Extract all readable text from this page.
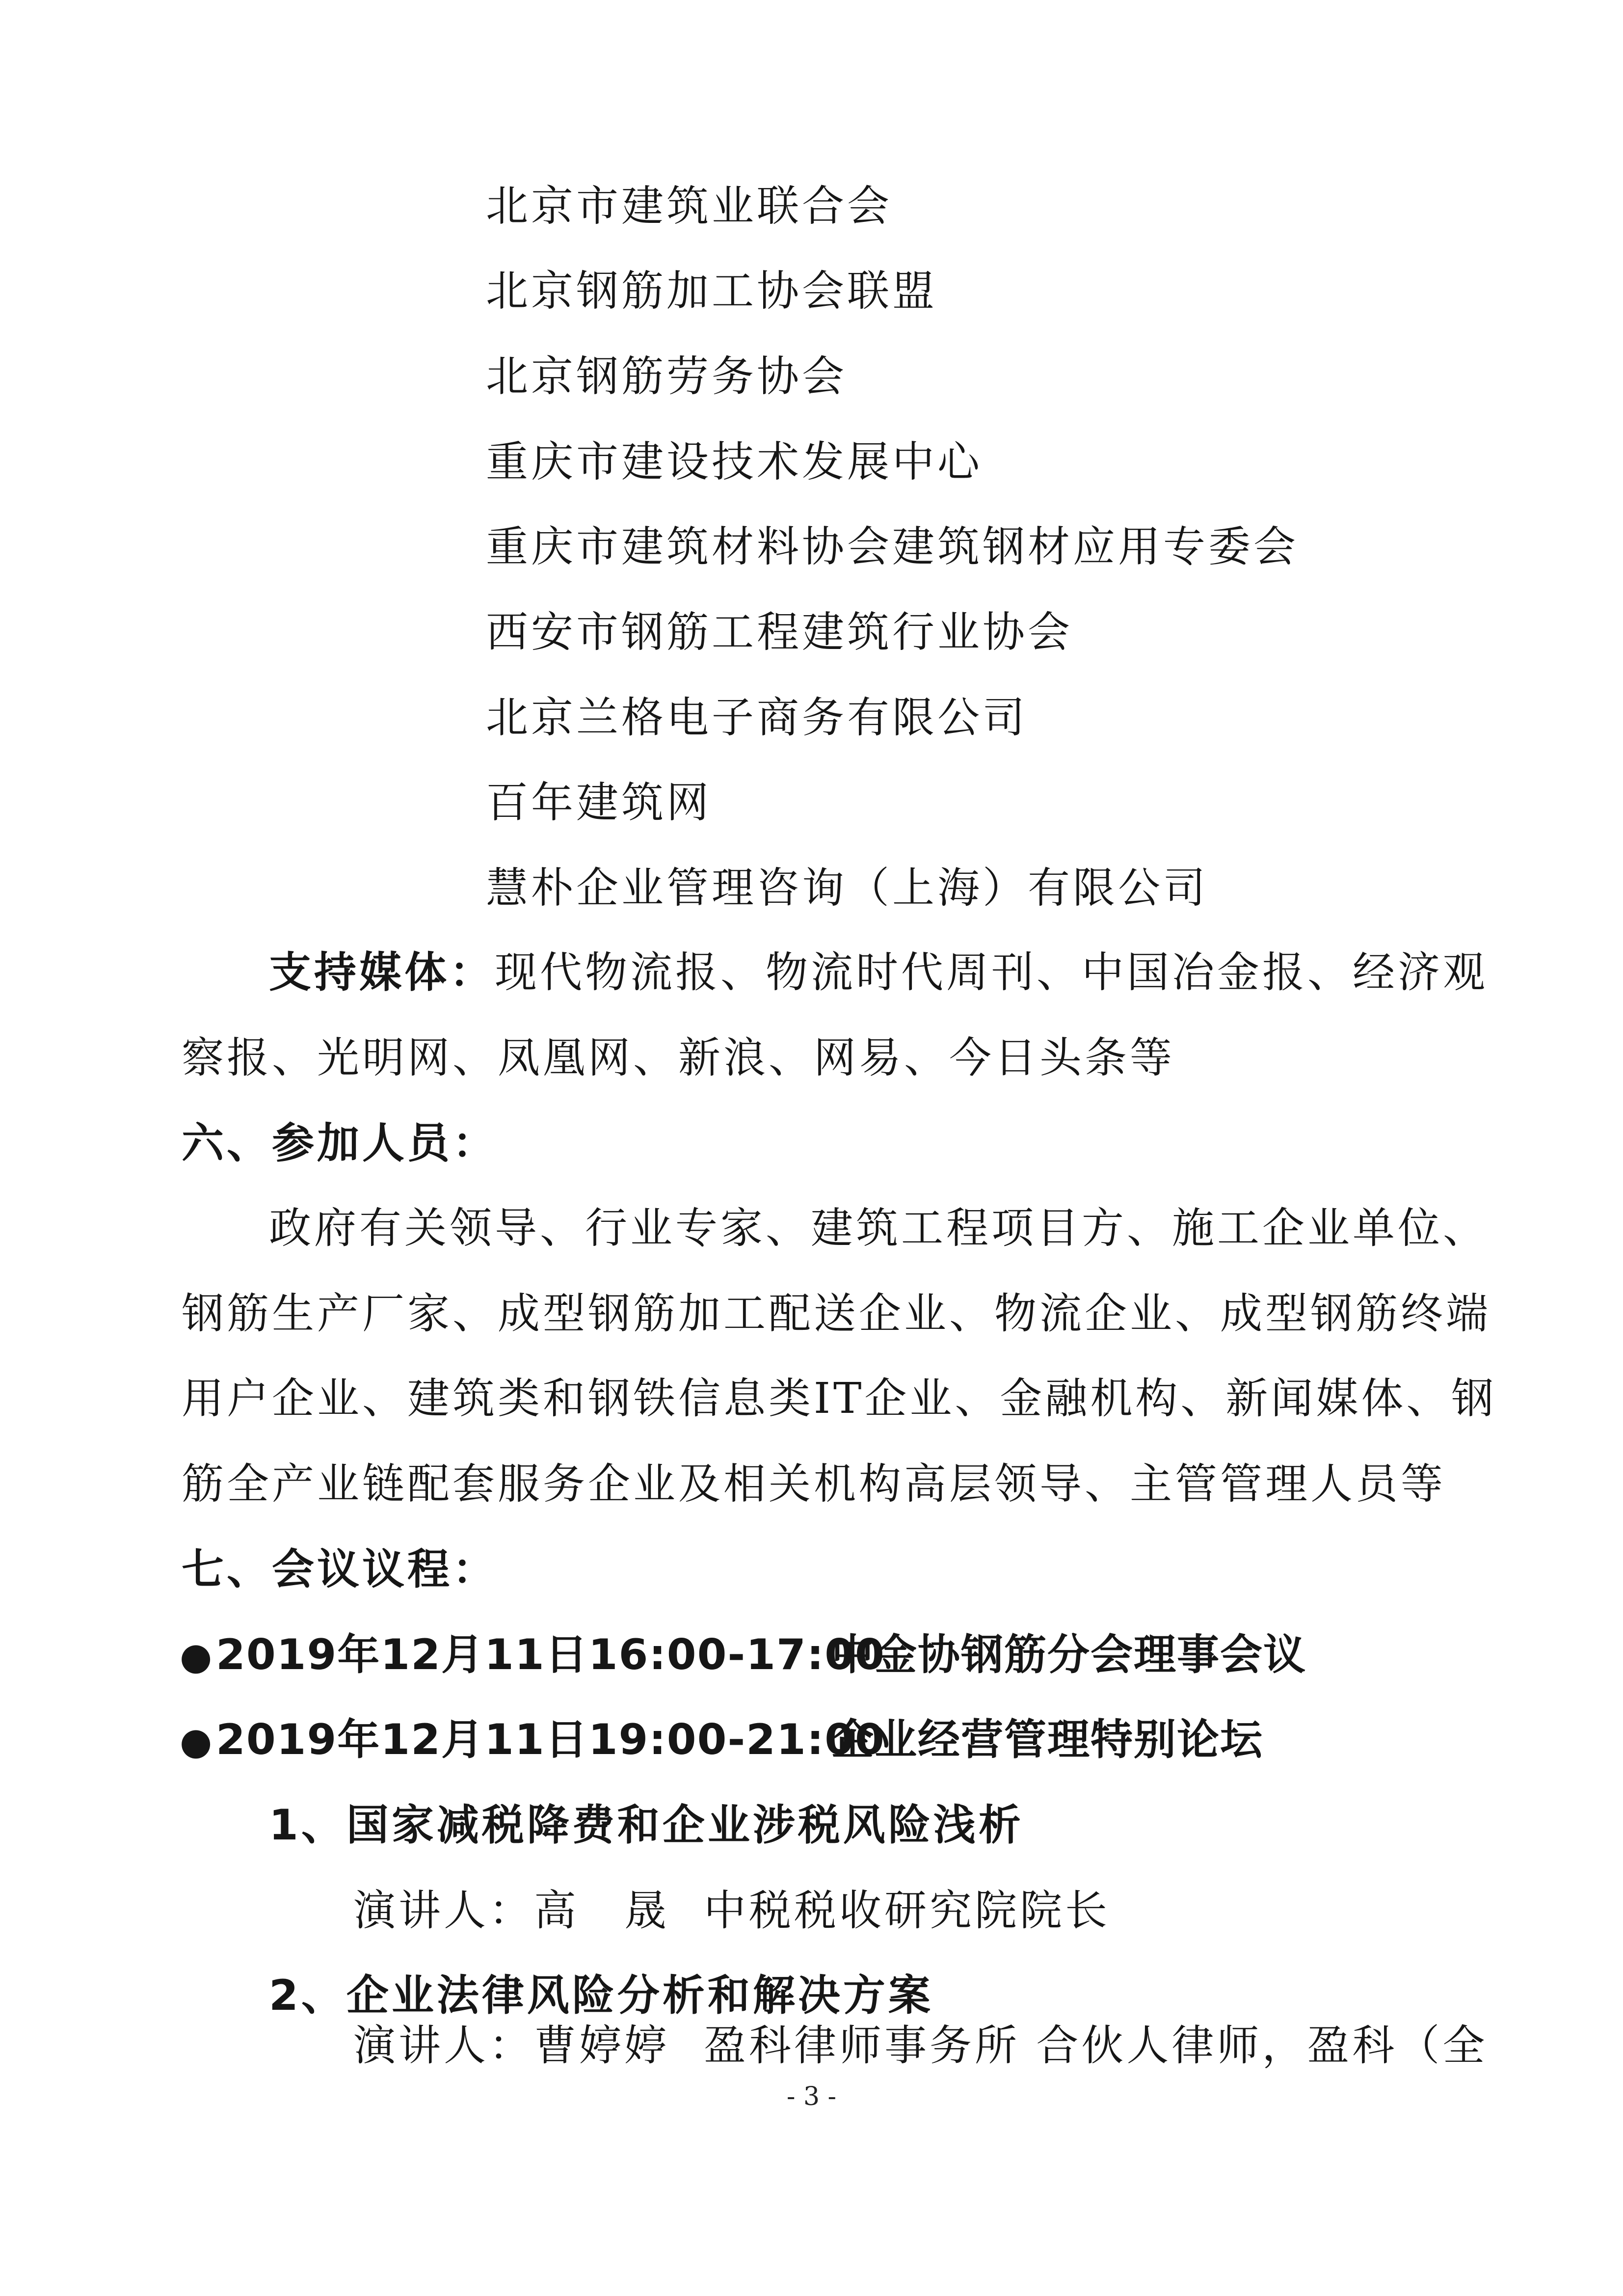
北京市建筑业联合会
北京钢筋加工协会联盟
北京钢筋劳务协会
重庆市建设技术发展中心
重庆市建筑材料协会建筑钢材应用专委会
西安市钢筋工程建筑行业协会
北京兰格电子商务有限公司
百年建筑网
慧朴企业管理咨询（上海）有限公司
支持媒体：现代物流报、物流时代周刊、中国冶金报、经济观
察报、光明网、凤凰网、新浪、网易、今日头条等
六、参加人员：
政府有关领导、行业专家、建筑工程项目方、施工企业单位、
钢筋生产厂家、成型钢筋加工配送企业、物流企业、成型钢筋终端
用户企业、建筑类和钢铁信息类IT企业、金融机构、新闻媒体、钢
筋全产业链配套服务企业及相关机构高层领导、主管管理人员等
七、会议议程：
●2019年12月11日16:00-17:00中金协钢筋分会理事会议
●2019年12月11日19:00-21:00企业经营管理特别论坛
1、国家减税降费和企业涉税风险浅析
演讲人：高　晟 中税税收研究院院长
2、企业法律风险分析和解决方案
演讲人：曹婷婷 盈科律师事务所 合伙人律师，盈科（全
- 3 -
